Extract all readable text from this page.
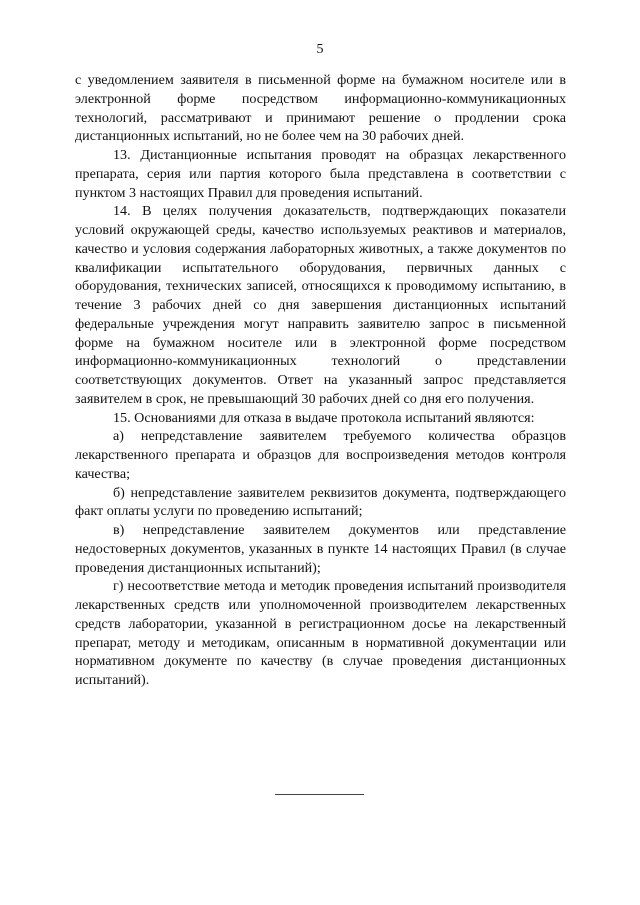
5

с уведомлением заявителя в письменной форме на бумажном носителе или в электронной форме посредством информационно-коммуникационных технологий, рассматривают и принимают решение о продлении срока дистанционных испытаний, но не более чем на 30 рабочих дней.

13. Дистанционные испытания проводят на образцах лекарственного препарата, серия или партия которого была представлена в соответствии с пунктом 3 настоящих Правил для проведения испытаний.

14. В целях получения доказательств, подтверждающих показатели условий окружающей среды, качество используемых реактивов и материалов, качество и условия содержания лабораторных животных, а также документов по квалификации испытательного оборудования, первичных данных с оборудования, технических записей, относящихся к проводимому испытанию, в течение 3 рабочих дней со дня завершения дистанционных испытаний федеральные учреждения могут направить заявителю запрос в письменной форме на бумажном носителе или в электронной форме посредством информационно-коммуникационных технологий о представлении соответствующих документов. Ответ на указанный запрос представляется заявителем в срок, не превышающий 30 рабочих дней со дня его получения.

15. Основаниями для отказа в выдаче протокола испытаний являются:

а) непредставление заявителем требуемого количества образцов лекарственного препарата и образцов для воспроизведения методов контроля качества;

б) непредставление заявителем реквизитов документа, подтверждающего факт оплаты услуги по проведению испытаний;

в) непредставление заявителем документов или представление недостоверных документов, указанных в пункте 14 настоящих Правил (в случае проведения дистанционных испытаний);

г) несоответствие метода и методик проведения испытаний производителя лекарственных средств или уполномоченной производителем лекарственных средств лаборатории, указанной в регистрационном досье на лекарственный препарат, методу и методикам, описанным в нормативной документации или нормативном документе по качеству (в случае проведения дистанционных испытаний).
